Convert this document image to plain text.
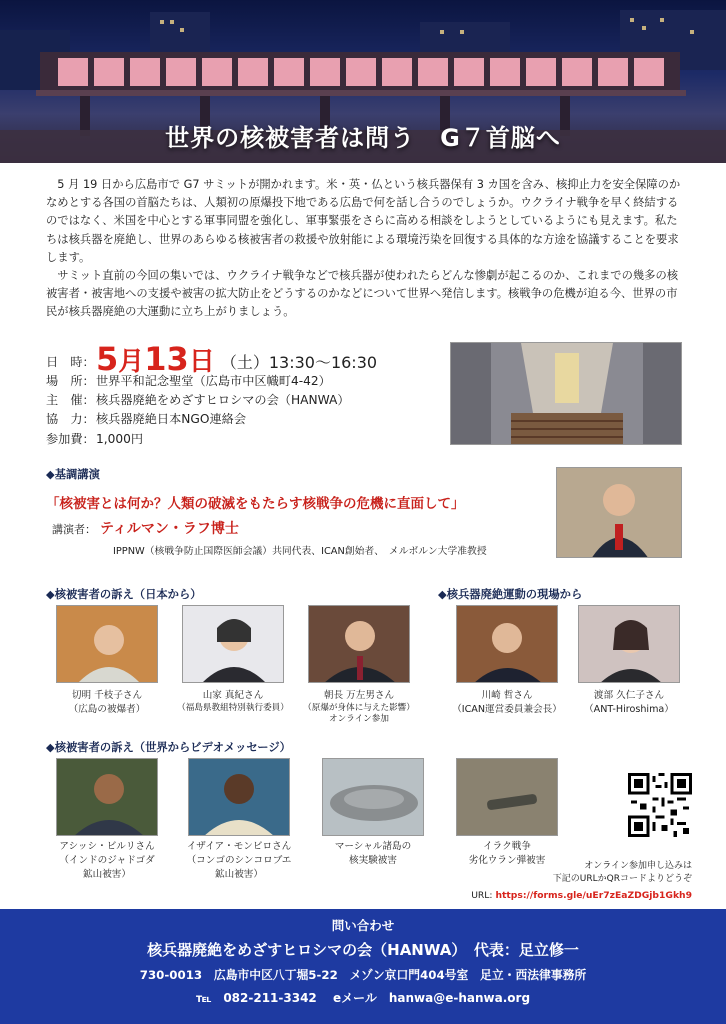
世界の核被害者は問う　G７首脳へ

5 月 19 日から広島市で G7 サミットが開かれます。米・英・仏という核兵器保有 3 カ国を含み、核抑止力を安全保障のかなめとする各国の首脳たちは、人類初の原爆投下地である広島で何を話し合うのでしょうか。ウクライナ戦争を早く終結するのではなく、米国を中心とする軍事同盟を強化し、軍事緊張をさらに高める相談をしようとしているようにも見えます。私たちは核兵器を廃絶し、世界のあらゆる核被害者の救援や放射能による環境汚染を回復する具体的な方途を協議することを要求します。

サミット直前の今回の集いでは、ウクライナ戦争などで核兵器が使われたらどんな惨劇が起こるのか、これまでの幾多の核被害者・被害地への支援や被害の拡大防止をどうするのかなどについて世界へ発信します。核戦争の危機が迫る今、世界の市民が核兵器廃絶の大運動に立ち上がりましょう。

日　時： 5月13日 （土）13:30～16:30
場　所： 世界平和記念聖堂（広島市中区幟町4-42）
主　催： 核兵器廃絶をめざすヒロシマの会（HANWA）
協　力： 核兵器廃絶日本NGO連絡会
参加費： 1,000円
◆基調講演
「核被害とは何か？人類の破滅をもたらす核戦争の危機に直面して」
講演者： ティルマン・ラフ博士
IPPNW（核戦争防止国際医師会議）共同代表、ICAN創始者、　メルボルン大学准教授
◆核被害者の訴え（日本から）
切明 千枝子さん
（広島の被爆者）
山家 真紀さん
（福島県教組特別執行委員）
朝長 万左男さん
（原爆が身体に与えた影響）
オンライン参加
◆核兵器廃絶運動の現場から
川崎 哲さん
（ICAN運営委員兼会長）
渡部 久仁子さん
（ANT-Hiroshima）
◆核被害者の訴え（世界からビデオメッセージ）
アシッシ・ビルリさん
（インドのジャドゴダ
鉱山被害）
イザイア・モンビロさん
（コンゴのシンコロブエ
鉱山被害）
マーシャル諸島の
核実験被害
イラク戦争
劣化ウラン弾被害	オンライン参加申し込みは
下記のURLかQRコードよりどうぞ
URL: https://forms.gle/uEr7zEaZDGjb1Gkh9
問い合わせ
核兵器廃絶をめざすヒロシマの会（HANWA）　代表：足立修一
730-0013　広島市中区八丁堀5-22　メゾン京口門404号室　足立・西法律事務所
℡ 082-211-3342 eメール hanwa@e-hanwa.org
